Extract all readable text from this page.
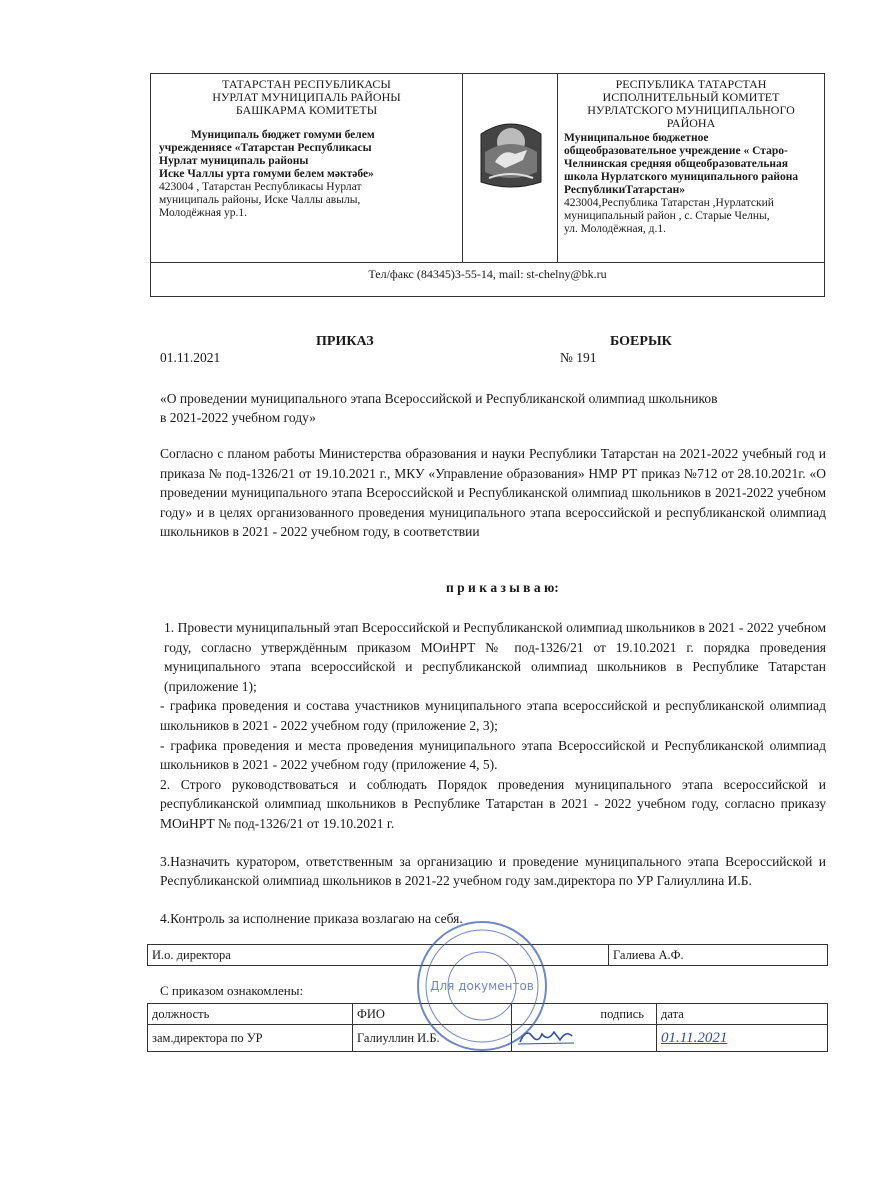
ТАТАРСТАН РЕСПУБЛИКАСЫ
НУРЛАТ МУНИЦИПАЛЬ РАЙОНЫ
БАШКАРМА КОМИТЕТЫ
Муниципаль бюджет гомуми белем
учреждениясе «Татарстан Республикасы
Нурлат муниципаль районы
Иске Чаллы урта гомуми белем мәктәбе»
423004 , Татарстан Республикасы Нурлат
муниципаль районы, Иске Чаллы авылы,
Молодёжная ур.1.
РЕСПУБЛИКА ТАТАРСТАН
ИСПОЛНИТЕЛЬНЫЙ КОМИТЕТ
НУРЛАТСКОГО МУНИЦИПАЛЬНОГО
РАЙОНА
Муниципальное бюджетное
общеобразовательное учреждение « Старо-
Челнинская средняя общеобразовательная
школа Нурлатского муниципального района
РеспубликиТатарстан»
423004,Республика Татарстан ,Нурлатский
муниципальный район , с. Старые Челны,
ул. Молодёжная, д.1.
Тел/факс (84345)3-55-14, mail: st-chelny@bk.ru
ПРИКАЗ	БОЕРЫК
01.11.2021	№ 191
«О проведении муниципального этапа Всероссийской и Республиканской олимпиад школьников
в 2021-2022 учебном году»
Согласно с планом работы Министерства образования и науки Республики Татарстан на 2021-2022 учебный год и приказа № под-1326/21 от 19.10.2021 г., МКУ «Управление образования» НМР РТ приказ №712 от 28.10.2021г. «О проведении муниципального этапа Всероссийской и Республиканской олимпиад школьников в 2021-2022 учебном году» и в целях организованного проведения муниципального этапа всероссийской и республиканской олимпиад школьников в 2021 - 2022 учебном году, в соответствии
п р и к а з ы в а ю:
1. Провести муниципальный этап Всероссийской и Республиканской олимпиад школьников в 2021 - 2022 учебном году, согласно утверждённым приказом МОиНРТ № под-1326/21 от 19.10.2021 г. порядка проведения муниципального этапа всероссийской и республиканской олимпиад школьников в Республике Татарстан (приложение 1);
- графика проведения и состава участников муниципального этапа всероссийской и республиканской олимпиад школьников в 2021 - 2022 учебном году (приложение 2, 3);
- графика проведения и места проведения муниципального этапа Всероссийской и Республиканской олимпиад школьников в 2021 - 2022 учебном году (приложение 4, 5).
2. Строго руководствоваться и соблюдать Порядок проведения муниципального этапа всероссийской и республиканской олимпиад школьников в Республике Татарстан в 2021 - 2022 учебном году, согласно приказу МОиНРТ № под-1326/21 от 19.10.2021 г.
3.Назначить куратором, ответственным за организацию и проведение муниципального этапа Всероссийской и Республиканской олимпиад школьников в 2021-22 учебном году зам.директора по УР Галиуллина И.Б.
4.Контроль за исполнение приказа возлагаю на себя.
И.о. директора	Галиева А.Ф.
С приказом ознакомлены:
должность	ФИО	подпись	дата
зам.директора по УР	Галиуллин И.Б.		01.11.2021
Для документов
